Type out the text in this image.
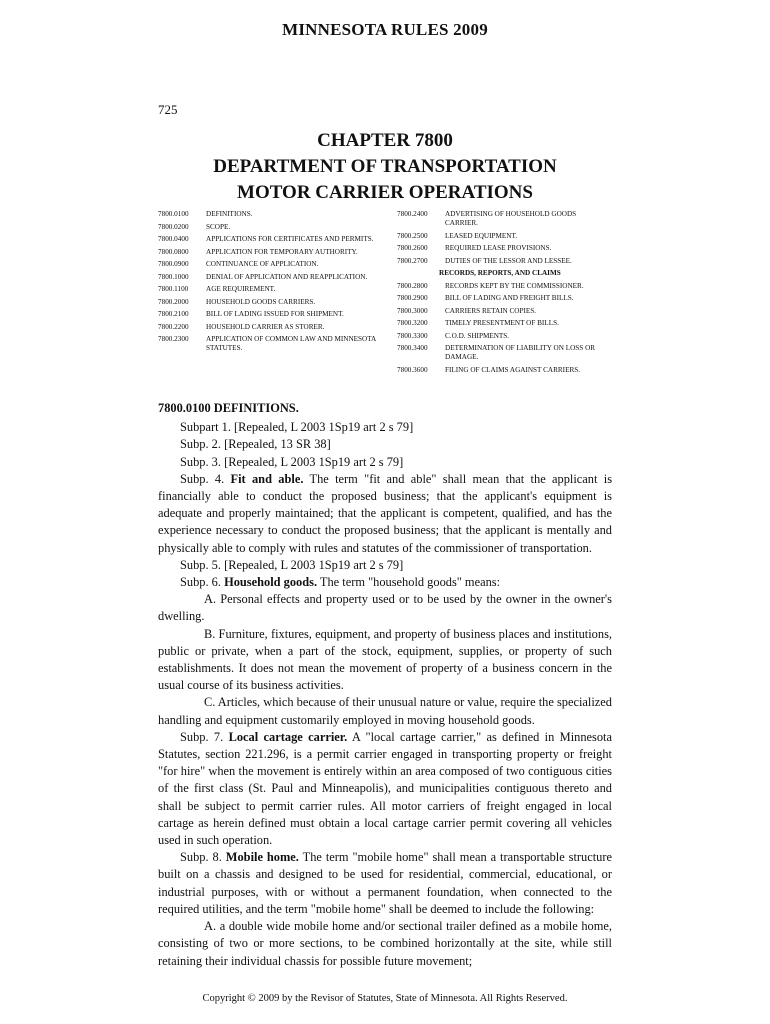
MINNESOTA RULES 2009
725
CHAPTER 7800
DEPARTMENT OF TRANSPORTATION
MOTOR CARRIER OPERATIONS
7800.0100	DEFINITIONS.
7800.0200	SCOPE.
7800.0400	APPLICATIONS FOR CERTIFICATES AND PERMITS.
7800.0800	APPLICATION FOR TEMPORARY AUTHORITY.
7800.0900	CONTINUANCE OF APPLICATION.
7800.1000	DENIAL OF APPLICATION AND REAPPLICATION.
7800.1100	AGE REQUIREMENT.
7800.2000	HOUSEHOLD GOODS CARRIERS.
7800.2100	BILL OF LADING ISSUED FOR SHIPMENT.
7800.2200	HOUSEHOLD CARRIER AS STORER.
7800.2300	APPLICATION OF COMMON LAW AND MINNESOTA STATUTES.
7800.2400	ADVERTISING OF HOUSEHOLD GOODS CARRIER.
7800.2500	LEASED EQUIPMENT.
7800.2600	REQUIRED LEASE PROVISIONS.
7800.2700	DUTIES OF THE LESSOR AND LESSEE.
RECORDS, REPORTS, AND CLAIMS
7800.2800	RECORDS KEPT BY THE COMMISSIONER.
7800.2900	BILL OF LADING AND FREIGHT BILLS.
7800.3000	CARRIERS RETAIN COPIES.
7800.3200	TIMELY PRESENTMENT OF BILLS.
7800.3300	C.O.D. SHIPMENTS.
7800.3400	DETERMINATION OF LIABILITY ON LOSS OR DAMAGE.
7800.3600	FILING OF CLAIMS AGAINST CARRIERS.
7800.0100 DEFINITIONS.

Subpart 1. [Repealed, L 2003 1Sp19 art 2 s 79]

Subp. 2. [Repealed, 13 SR 38]

Subp. 3. [Repealed, L 2003 1Sp19 art 2 s 79]

Subp. 4. Fit and able. The term "fit and able" shall mean that the applicant is financially able to conduct the proposed business; that the applicant's equipment is adequate and properly maintained; that the applicant is competent, qualified, and has the experience necessary to conduct the proposed business; that the applicant is mentally and physically able to comply with rules and statutes of the commissioner of transportation.

Subp. 5. [Repealed, L 2003 1Sp19 art 2 s 79]

Subp. 6. Household goods. The term "household goods" means:

A. Personal effects and property used or to be used by the owner in the owner's dwelling.

B. Furniture, fixtures, equipment, and property of business places and institutions, public or private, when a part of the stock, equipment, supplies, or property of such establishments. It does not mean the movement of property of a business concern in the usual course of its business activities.

C. Articles, which because of their unusual nature or value, require the specialized handling and equipment customarily employed in moving household goods.

Subp. 7. Local cartage carrier. A "local cartage carrier," as defined in Minnesota Statutes, section 221.296, is a permit carrier engaged in transporting property or freight "for hire" when the movement is entirely within an area composed of two contiguous cities of the first class (St. Paul and Minneapolis), and municipalities contiguous thereto and shall be subject to permit carrier rules. All motor carriers of freight engaged in local cartage as herein defined must obtain a local cartage carrier permit covering all vehicles used in such operation.

Subp. 8. Mobile home. The term "mobile home" shall mean a transportable structure built on a chassis and designed to be used for residential, commercial, educational, or industrial purposes, with or without a permanent foundation, when connected to the required utilities, and the term "mobile home" shall be deemed to include the following:

A. a double wide mobile home and/or sectional trailer defined as a mobile home, consisting of two or more sections, to be combined horizontally at the site, while still retaining their individual chassis for possible future movement;

Copyright © 2009 by the Revisor of Statutes, State of Minnesota. All Rights Reserved.
